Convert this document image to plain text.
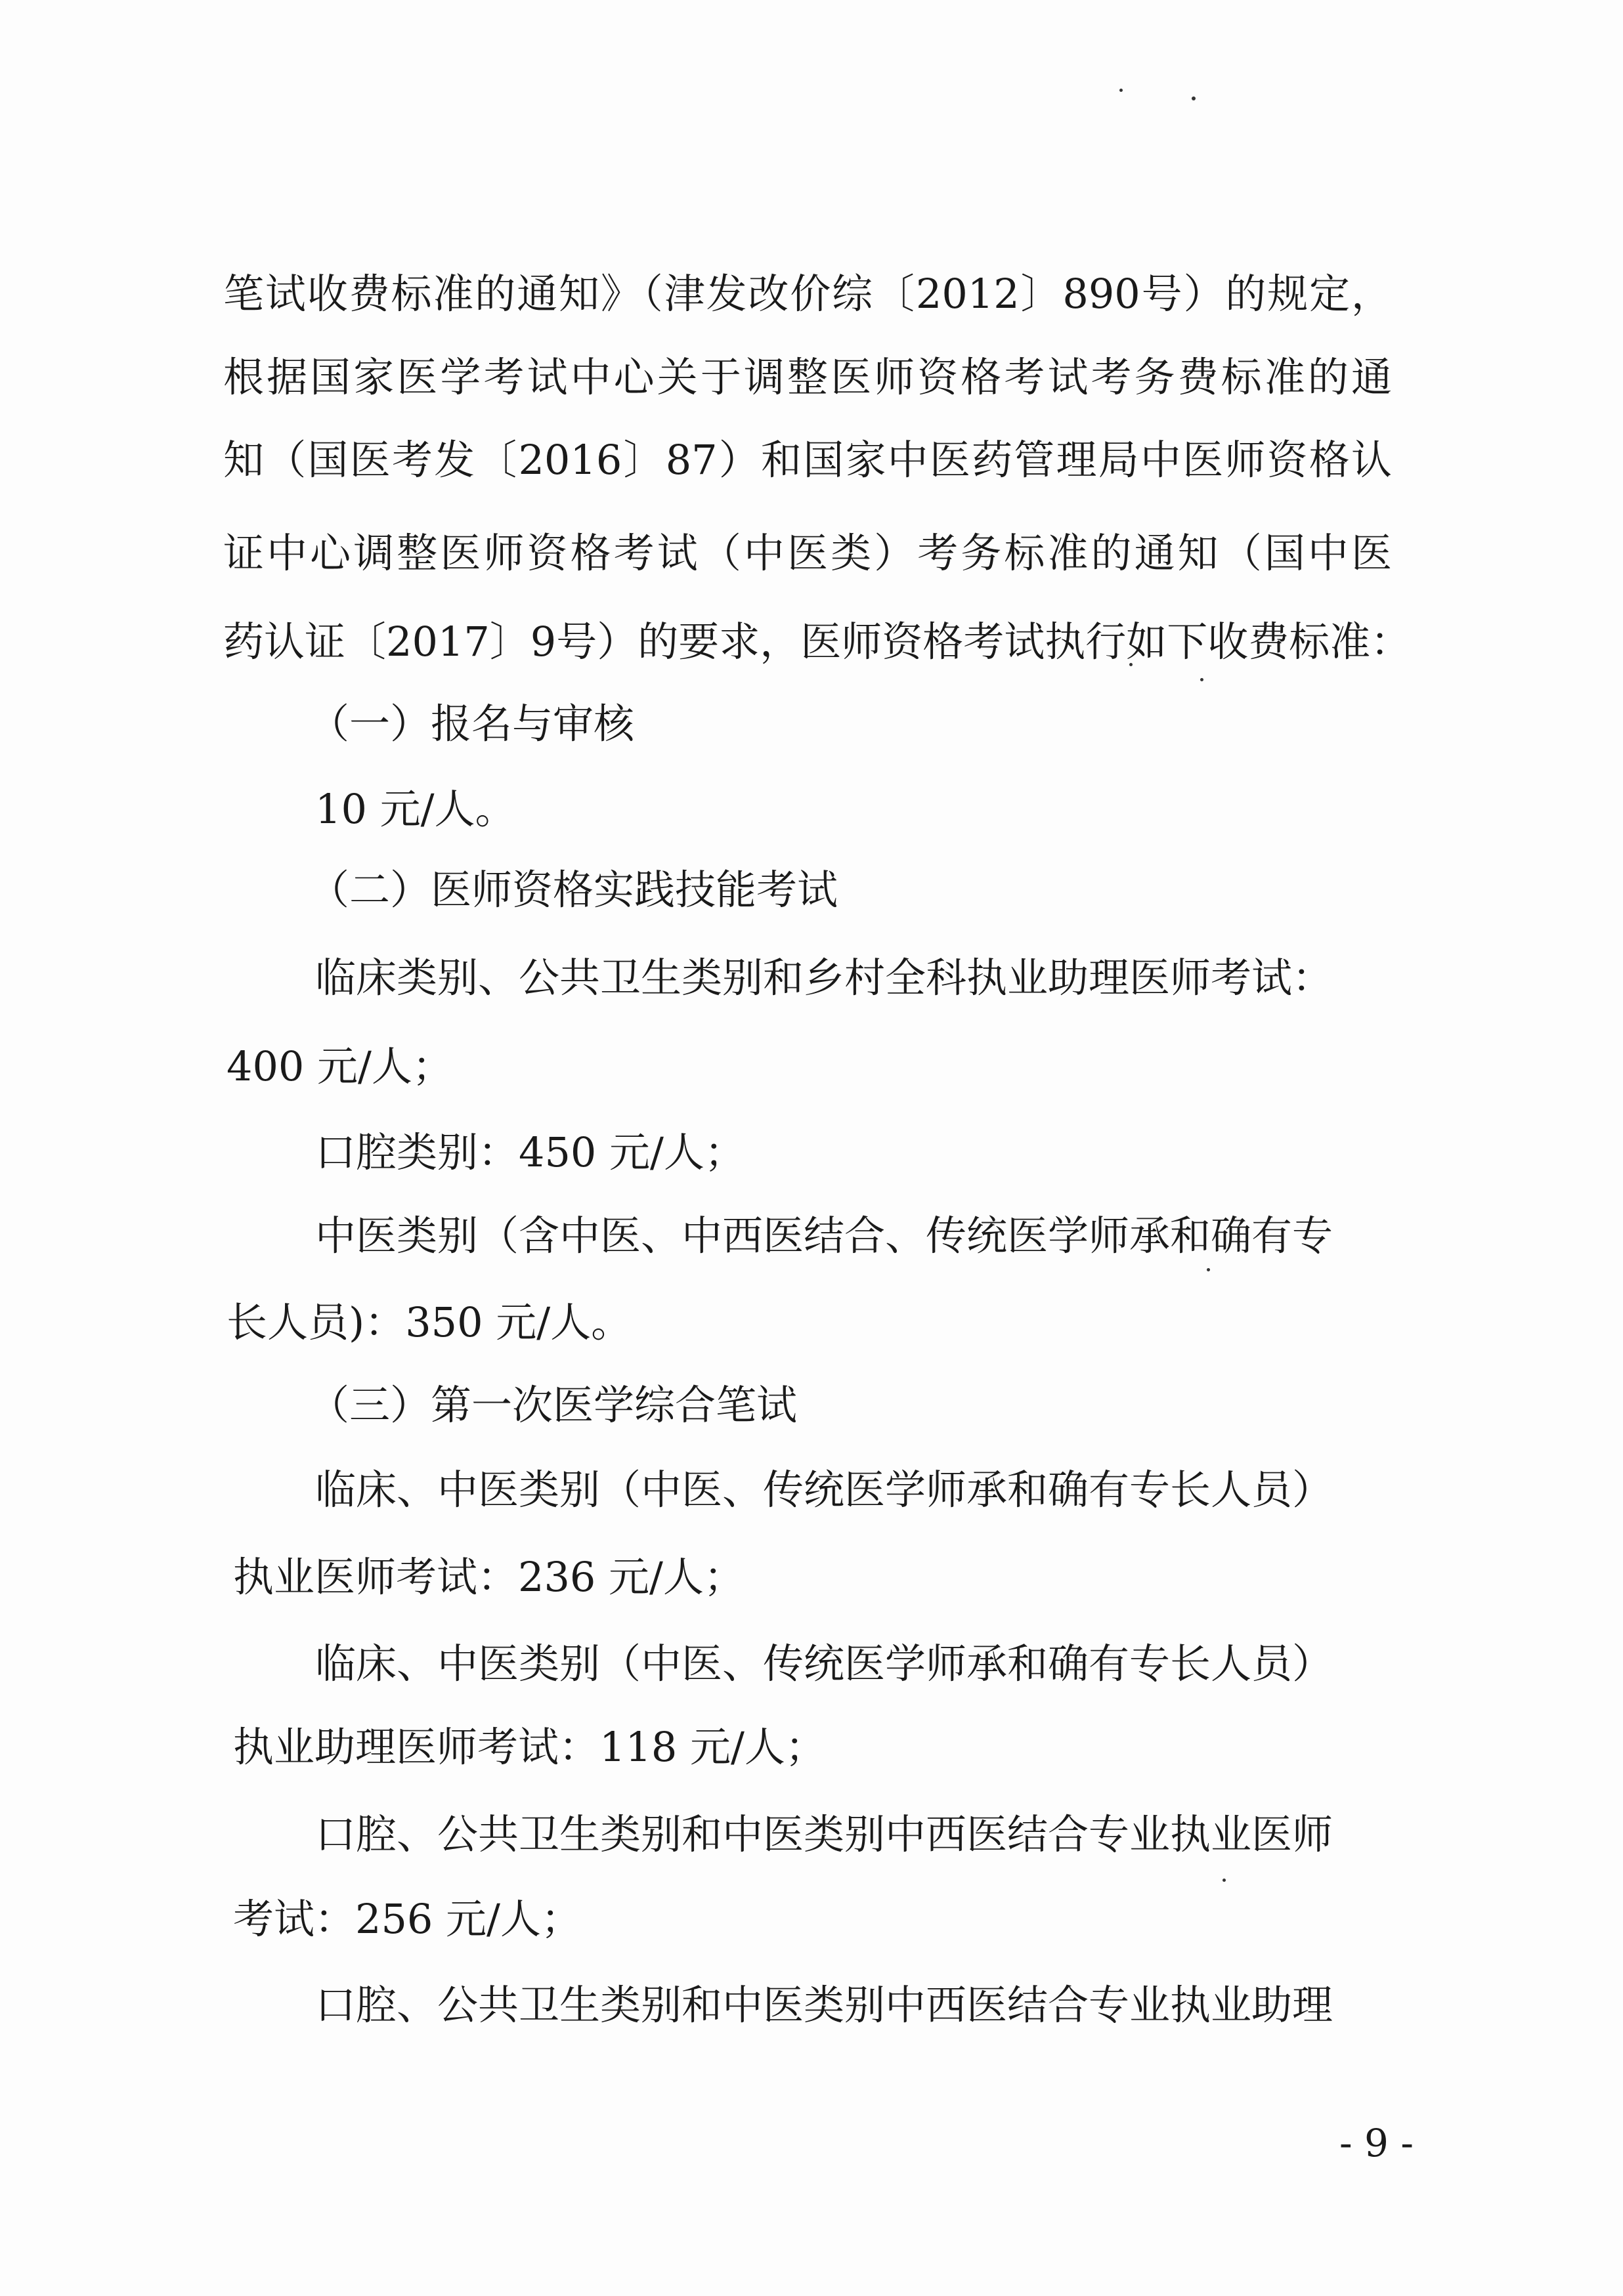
笔试收费标准的通知》（津发改价综〔2012〕890号）的规定，
根据国家医学考试中心关于调整医师资格考试考务费标准的通
知（国医考发〔2016〕87）和国家中医药管理局中医师资格认
证中心调整医师资格考试（中医类）考务标准的通知（国中医
药认证〔2017〕9号）的要求，医师资格考试执行如下收费标准：
（一）报名与审核
10 元/人。
（二）医师资格实践技能考试
临床类别、公共卫生类别和乡村全科执业助理医师考试：
400 元/人；
口腔类别：450 元/人；
中医类别（含中医、中西医结合、传统医学师承和确有专
长人员)：350 元/人。
（三）第一次医学综合笔试
临床、中医类别（中医、传统医学师承和确有专长人员）
执业医师考试：236 元/人；
临床、中医类别（中医、传统医学师承和确有专长人员）
执业助理医师考试：118 元/人；
口腔、公共卫生类别和中医类别中西医结合专业执业医师
考试：256 元/人；
口腔、公共卫生类别和中医类别中西医结合专业执业助理
- 9 -
